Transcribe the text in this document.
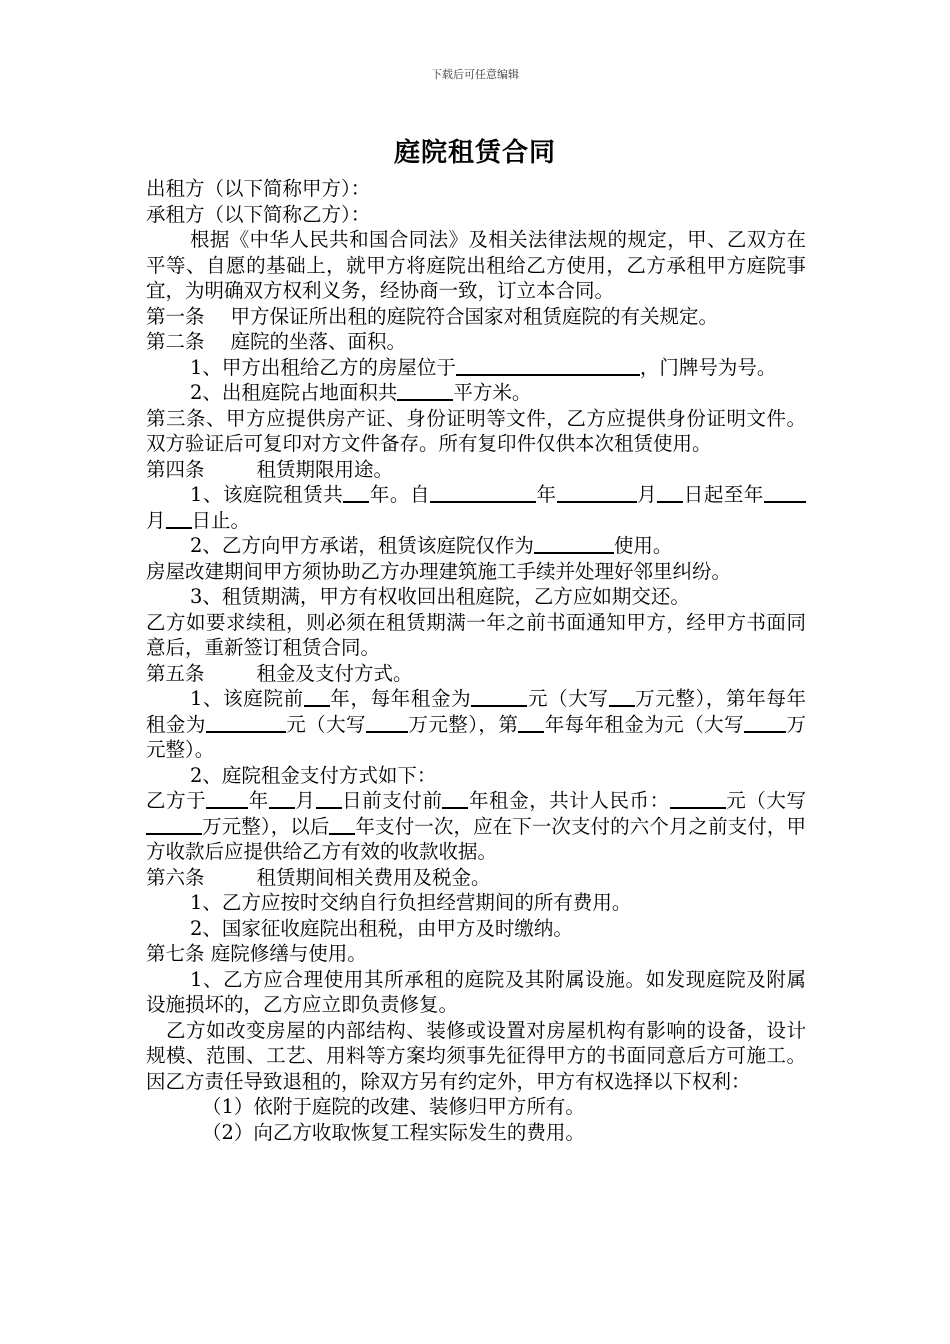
下载后可任意编辑
庭院租赁合同

出租方（以下简称甲方）：

承租方（以下简称乙方）：

根据《中华人民共和国合同法》及相关法律法规的规定，甲、乙双方在平等、自愿的基础上，就甲方将庭院出租给乙方使用，乙方承租甲方庭院事宜，为明确双方权利义务，经协商一致，订立本合同。

第一条 甲方保证所出租的庭院符合国家对租赁庭院的有关规定。

第二条 庭院的坐落、面积。

1、甲方出租给乙方的房屋位于	，门牌号为号。

2、出租庭院占地面积共	平方米。

第三条、甲方应提供房产证、身份证明等文件，乙方应提供身份证明文件。双方验证后可复印对方文件备存。所有复印件仅供本次租赁使用。

第四条	租赁期限用途。

1、该庭院租赁共 年。自	年	月 日起至年月 日止。

2、乙方向甲方承诺，租赁该庭院仅作为	使用。

房屋改建期间甲方须协助乙方办理建筑施工手续并处理好邻里纠纷。

3、租赁期满，甲方有权收回出租庭院，乙方应如期交还。

乙方如要求续租，则必须在租赁期满一年之前书面通知甲方，经甲方书面同意后，重新签订租赁合同。

第五条	租金及支付方式。

1、该庭院前 年，每年租金为	元（大写 万元整），第年每年租金为	元（大写 万元整），第 年每年租金为元（大写 万元整）。

2、庭院租金支付方式如下：

乙方于 年 月 日前支付前 年租金，共计人民币：	元（大写万元整），以后 年支付一次，应在下一次支付的六个月之前支付，甲方收款后应提供给乙方有效的收款收据。

第六条	租赁期间相关费用及税金。

1、乙方应按时交纳自行负担经营期间的所有费用。

2、国家征收庭院出租税，由甲方及时缴纳。

第七条 庭院修缮与使用。

1、乙方应合理使用其所承租的庭院及其附属设施。如发现庭院及附属设施损坏的，乙方应立即负责修复。

乙方如改变房屋的内部结构、装修或设置对房屋机构有影响的设备，设计规模、范围、工艺、用料等方案均须事先征得甲方的书面同意后方可施工。因乙方责任导致退租的，除双方另有约定外，甲方有权选择以下权利：

（1）依附于庭院的改建、装修归甲方所有。

（2）向乙方收取恢复工程实际发生的费用。
